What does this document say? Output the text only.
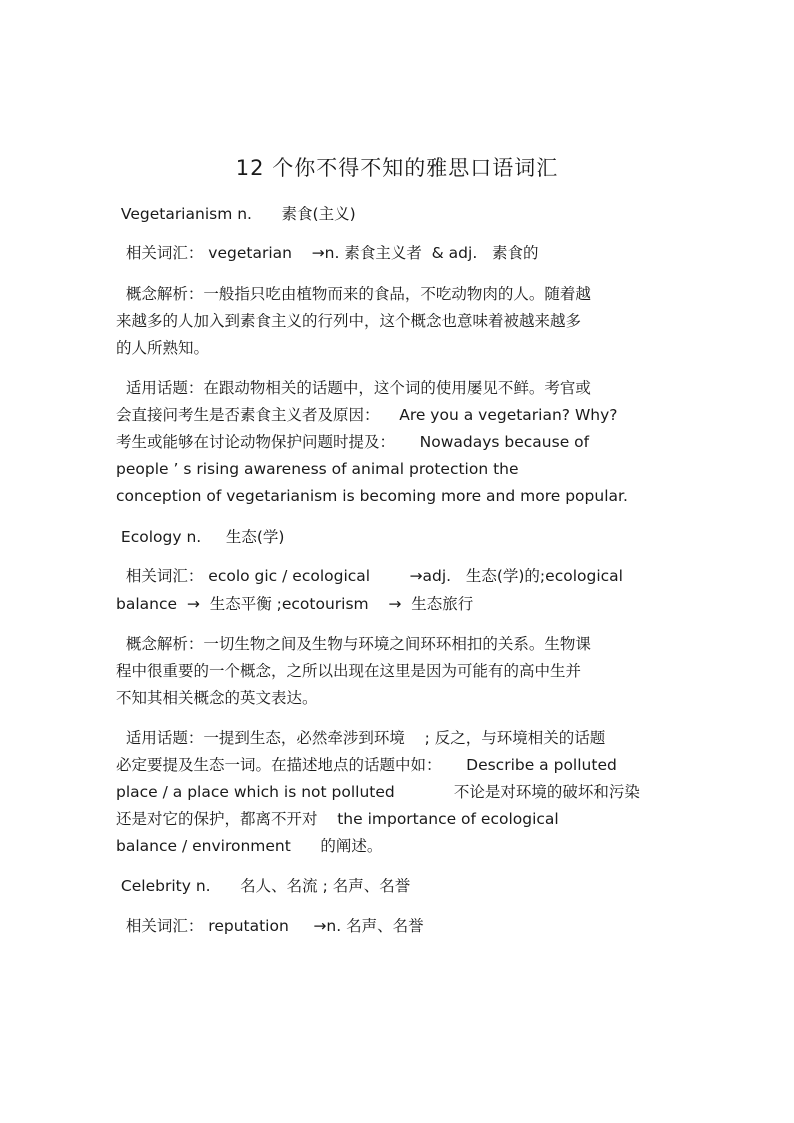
12 个你不得不知的雅思口语词汇
Vegetarianism n.      素食(主义)
相关词汇： vegetarian    →n. 素食主义者  & adj.   素食的
概念解析：一般指只吃由植物而来的食品，不吃动物肉的人。随着越
来越多的人加入到素食主义的行列中，这个概念也意味着被越来越多
的人所熟知。
适用话题：在跟动物相关的话题中，这个词的使用屡见不鲜。考官或
会直接问考生是否素食主义者及原因：    Are you a vegetarian? Why?
考生或能够在讨论动物保护问题时提及：     Nowadays because of
people ’ s rising awareness of animal protection the
conception of vegetarianism is becoming more and more popular.
Ecology n.     生态(学)
相关词汇： ecolo gic / ecological        →adj.   生态(学)的;ecological
balance  →  生态平衡 ;ecotourism    →  生态旅行
概念解析：一切生物之间及生物与环境之间环环相扣的关系。生物课
程中很重要的一个概念，之所以出现在这里是因为可能有的高中生并
不知其相关概念的英文表达。
适用话题：一提到生态，必然牵涉到环境    ; 反之，与环境相关的话题
必定要提及生态一词。在描述地点的话题中如：     Describe a polluted
place / a place which is not polluted            不论是对环境的破坏和污染
还是对它的保护，都离不开对    the importance of ecological
balance / environment      的阐述。
Celebrity n.      名人、名流 ; 名声、名誉
相关词汇： reputation     →n. 名声、名誉
